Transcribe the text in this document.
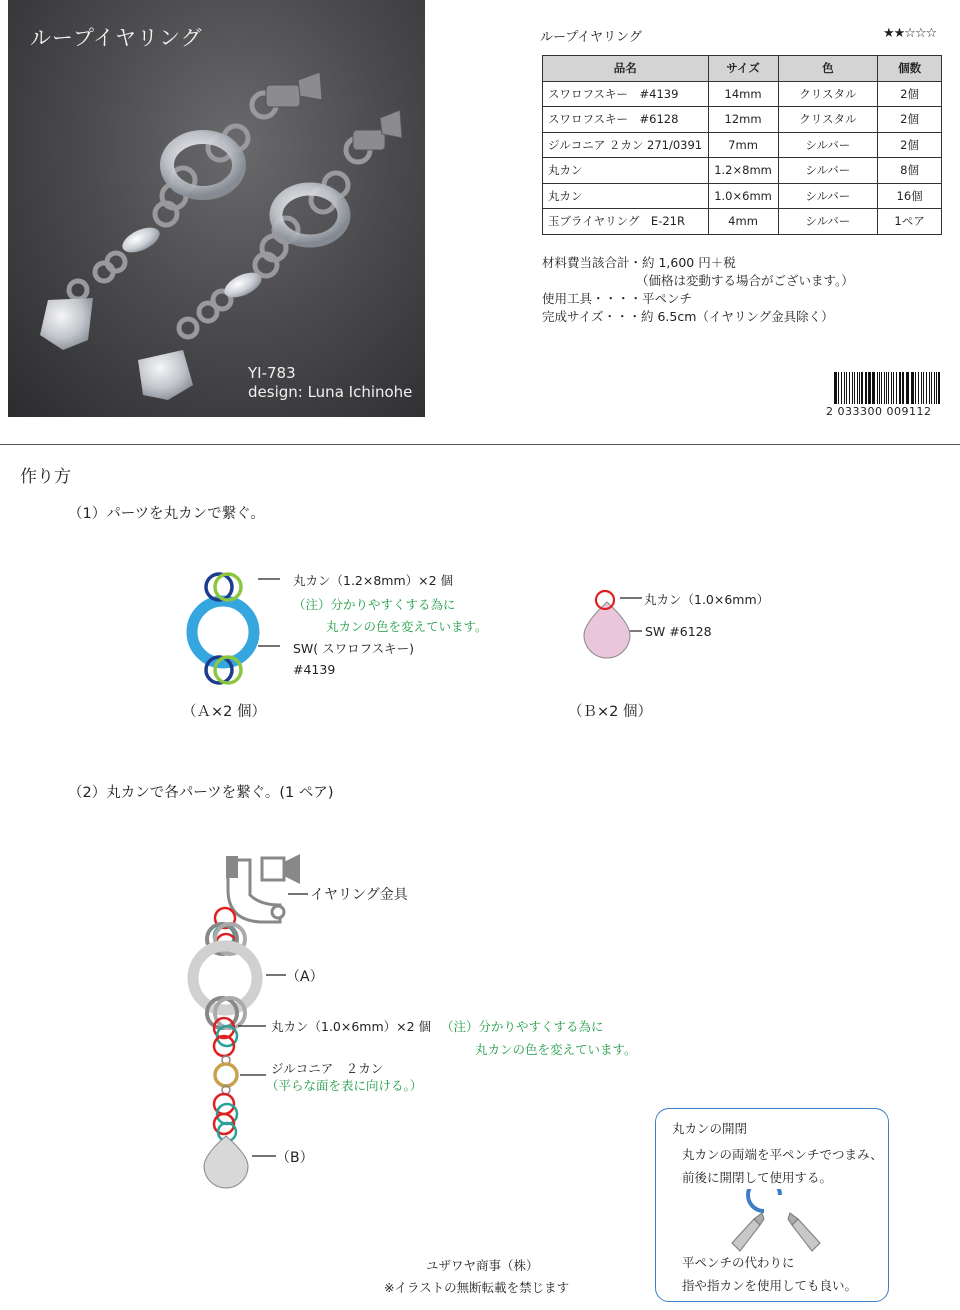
ループイヤリング
YI-783
design: Luna Ichinohe
ループイヤリング	★★☆☆☆
品名	サイズ	色	個数
スワロフスキー　#4139	14mm	クリスタル	2個
スワロフスキー　#6128	12mm	クリスタル	2個
ジルコニア ２カン 271/0391	7mm	シルバー	2個
丸カン	1.2×8mm	シルバー	8個
丸カン	1.0×6mm	シルバー	16個
玉ブライヤリング　E-21R	4mm	シルバー	1ペア
材料費当該合計・約 1,600 円＋税
（価格は変動する場合がございます。）
使用工具・・・・平ペンチ
完成サイズ・・・約 6.5cm（イヤリング金具除く）
2 033300 009112
作り方
（1）パーツを丸カンで繋ぐ。
丸カン（1.2×8mm）×2 個
（注）分かりやすくする為に
丸カンの色を変えています。
SW( スワロフスキー)
#4139
（Ａ×2 個）
丸カン（1.0×6mm）
SW #6128
（Ｂ×2 個）
（2）丸カンで各パーツを繋ぐ。(1 ペア)
イヤリング金具
（A）
丸カン（1.0×6mm）×2 個 （注）分かりやすくする為に
丸カンの色を変えています。
ジルコニア　２カン
（平らな面を表に向ける。）
（B）
丸カンの開閉
丸カンの両端を平ペンチでつまみ、
前後に開閉して使用する。
平ペンチの代わりに
指や指カンを使用しても良い。
ユザワヤ商事（株）
※イラストの無断転載を禁じます
